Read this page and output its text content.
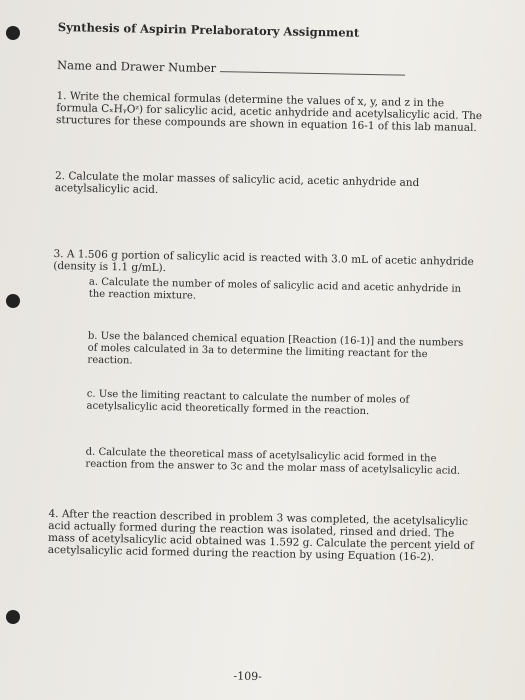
Synthesis of Aspirin Prelaboratory Assignment
Name and Drawer Number
1. Write the chemical formulas (determine the values of x, y, and z in the formula CₓHᵧOᶻ) for salicylic acid, acetic anhydride and acetylsalicylic acid. The structures for these compounds are shown in equation 16-1 of this lab manual.
2. Calculate the molar masses of salicylic acid, acetic anhydride and acetylsalicylic acid.
3. A 1.506 g portion of salicylic acid is reacted with 3.0 mL of acetic anhydride (density is 1.1 g/mL).
a. Calculate the number of moles of salicylic acid and acetic anhydride in the reaction mixture.
b. Use the balanced chemical equation [Reaction (16-1)] and the numbers of moles calculated in 3a to determine the limiting reactant for the reaction.
c. Use the limiting reactant to calculate the number of moles of acetylsalicylic acid theoretically formed in the reaction.
d. Calculate the theoretical mass of acetylsalicylic acid formed in the reaction from the answer to 3c and the molar mass of acetylsalicylic acid.
4. After the reaction described in problem 3 was completed, the acetylsalicylic acid actually formed during the reaction was isolated, rinsed and dried. The mass of acetylsalicylic acid obtained was 1.592 g. Calculate the percent yield of acetylsalicylic acid formed during the reaction by using Equation (16-2).
-109-
